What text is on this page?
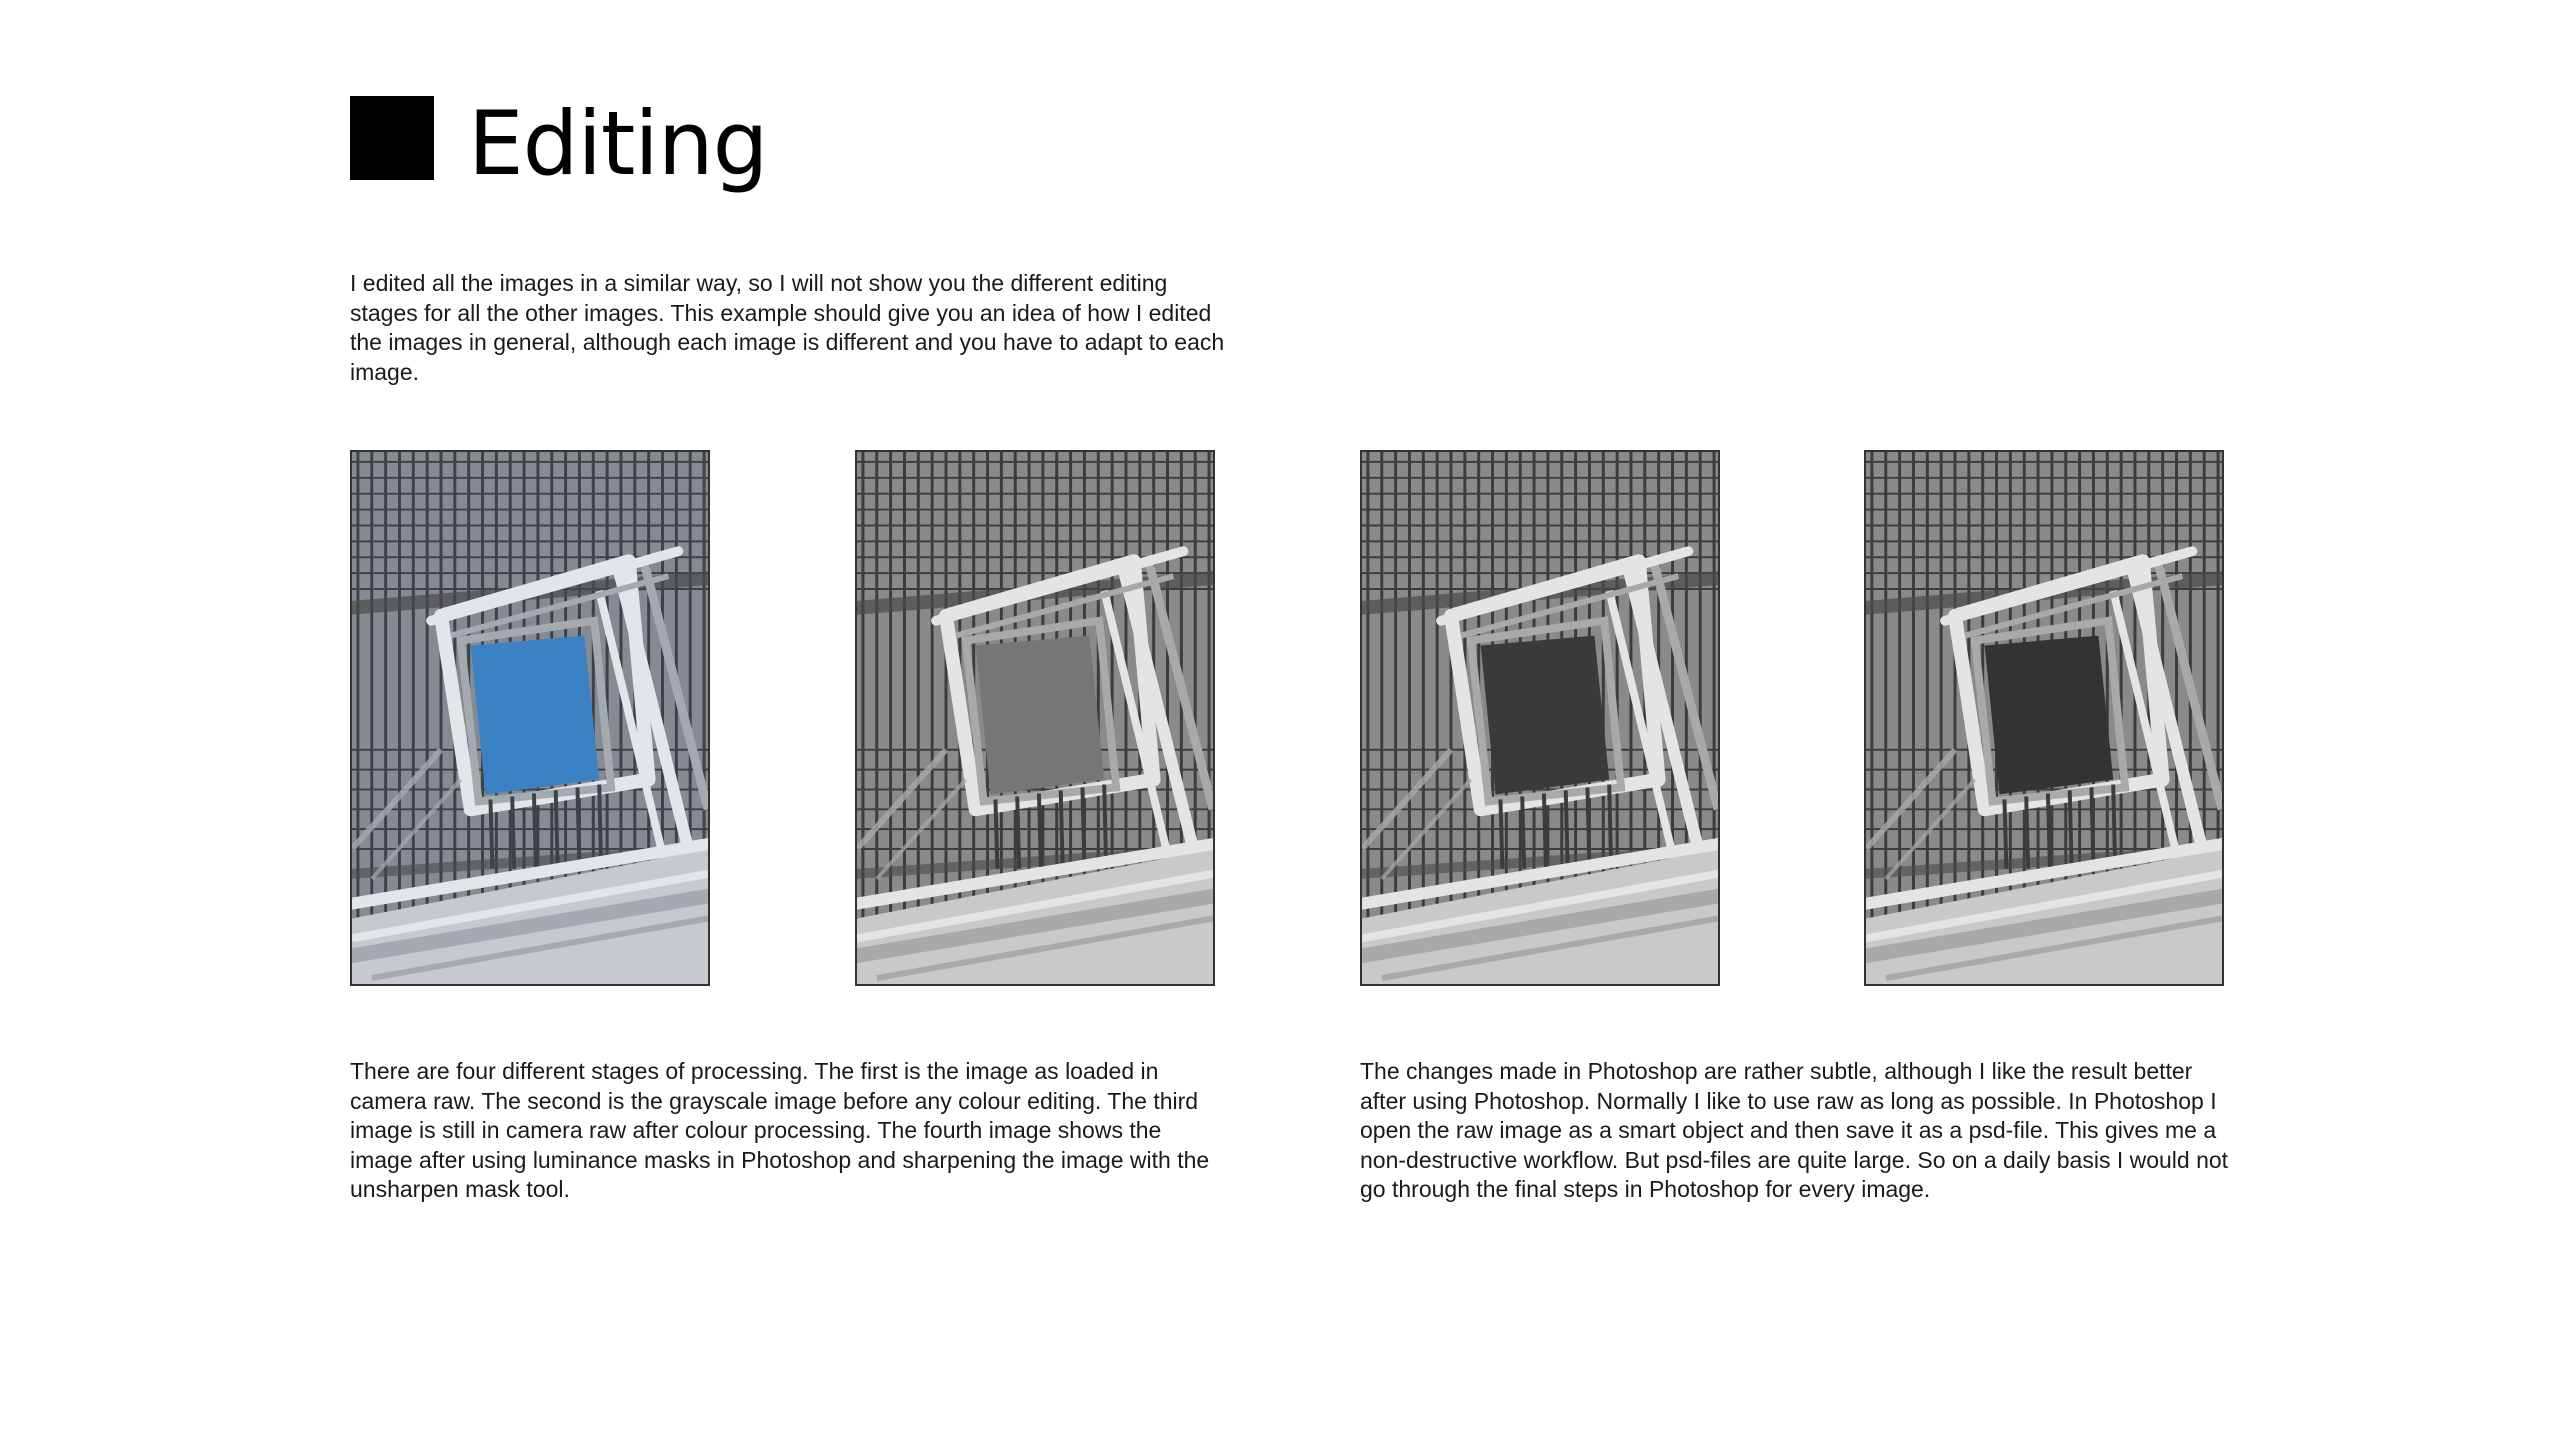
Editing

I edited all the images in a similar way, so I will not show you the different editing stages for all the other images. This example should give you an idea of how I edited the images in general, although each image is different and you have to adapt to each image.

There are four different stages of processing. The first is the image as loaded in camera raw. The second is the grayscale image before any colour editing. The third image is still in camera raw after colour processing. The fourth image shows the image after using luminance masks in Photoshop and sharpening the image with the unsharpen mask tool.

The changes made in Photoshop are rather subtle, although I like the result better after using Photoshop. Normally I like to use raw as long as possible. In Photoshop I open the raw image as a smart object and then save it as a psd-file. This gives me a non-destructive workflow. But psd-files are quite large. So on a daily basis I would not go through the final steps in Photoshop for every image.
